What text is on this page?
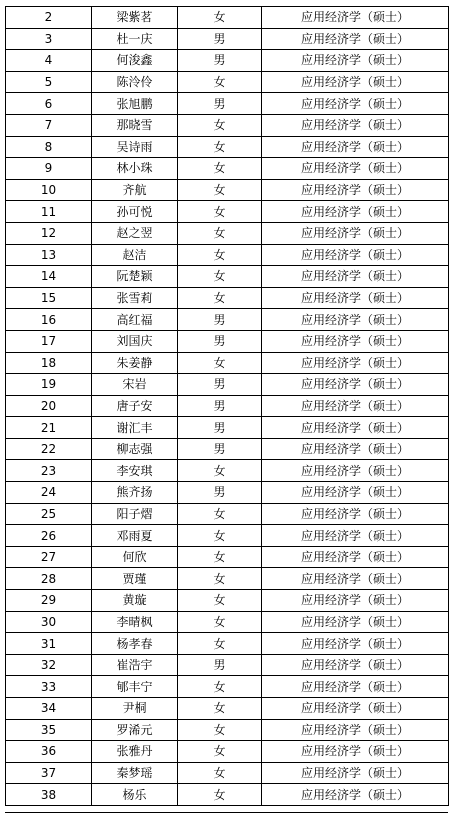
2	梁紫茗	女	应用经济学（硕士）
3	杜一庆	男	应用经济学（硕士）
4	何浚鑫	男	应用经济学（硕士）
5	陈泠伶	女	应用经济学（硕士）
6	张旭鹏	男	应用经济学（硕士）
7	那晓雪	女	应用经济学（硕士）
8	吴诗雨	女	应用经济学（硕士）
9	林小珠	女	应用经济学（硕士）
10	齐航	女	应用经济学（硕士）
11	孙可悦	女	应用经济学（硕士）
12	赵之翌	女	应用经济学（硕士）
13	赵洁	女	应用经济学（硕士）
14	阮楚颖	女	应用经济学（硕士）
15	张雪莉	女	应用经济学（硕士）
16	高红福	男	应用经济学（硕士）
17	刘国庆	男	应用经济学（硕士）
18	朱姜静	女	应用经济学（硕士）
19	宋岩	男	应用经济学（硕士）
20	唐子安	男	应用经济学（硕士）
21	谢汇丰	男	应用经济学（硕士）
22	柳志强	男	应用经济学（硕士）
23	李安琪	女	应用经济学（硕士）
24	熊齐扬	男	应用经济学（硕士）
25	阳子熠	女	应用经济学（硕士）
26	邓雨夏	女	应用经济学（硕士）
27	何欣	女	应用经济学（硕士）
28	贾瑾	女	应用经济学（硕士）
29	黄璇	女	应用经济学（硕士）
30	李晴枫	女	应用经济学（硕士）
31	杨孝春	女	应用经济学（硕士）
32	崔浩宇	男	应用经济学（硕士）
33	郇丰宁	女	应用经济学（硕士）
34	尹桐	女	应用经济学（硕士）
35	罗浠元	女	应用经济学（硕士）
36	张雅丹	女	应用经济学（硕士）
37	秦梦瑶	女	应用经济学（硕士）
38	杨乐	女	应用经济学（硕士）
